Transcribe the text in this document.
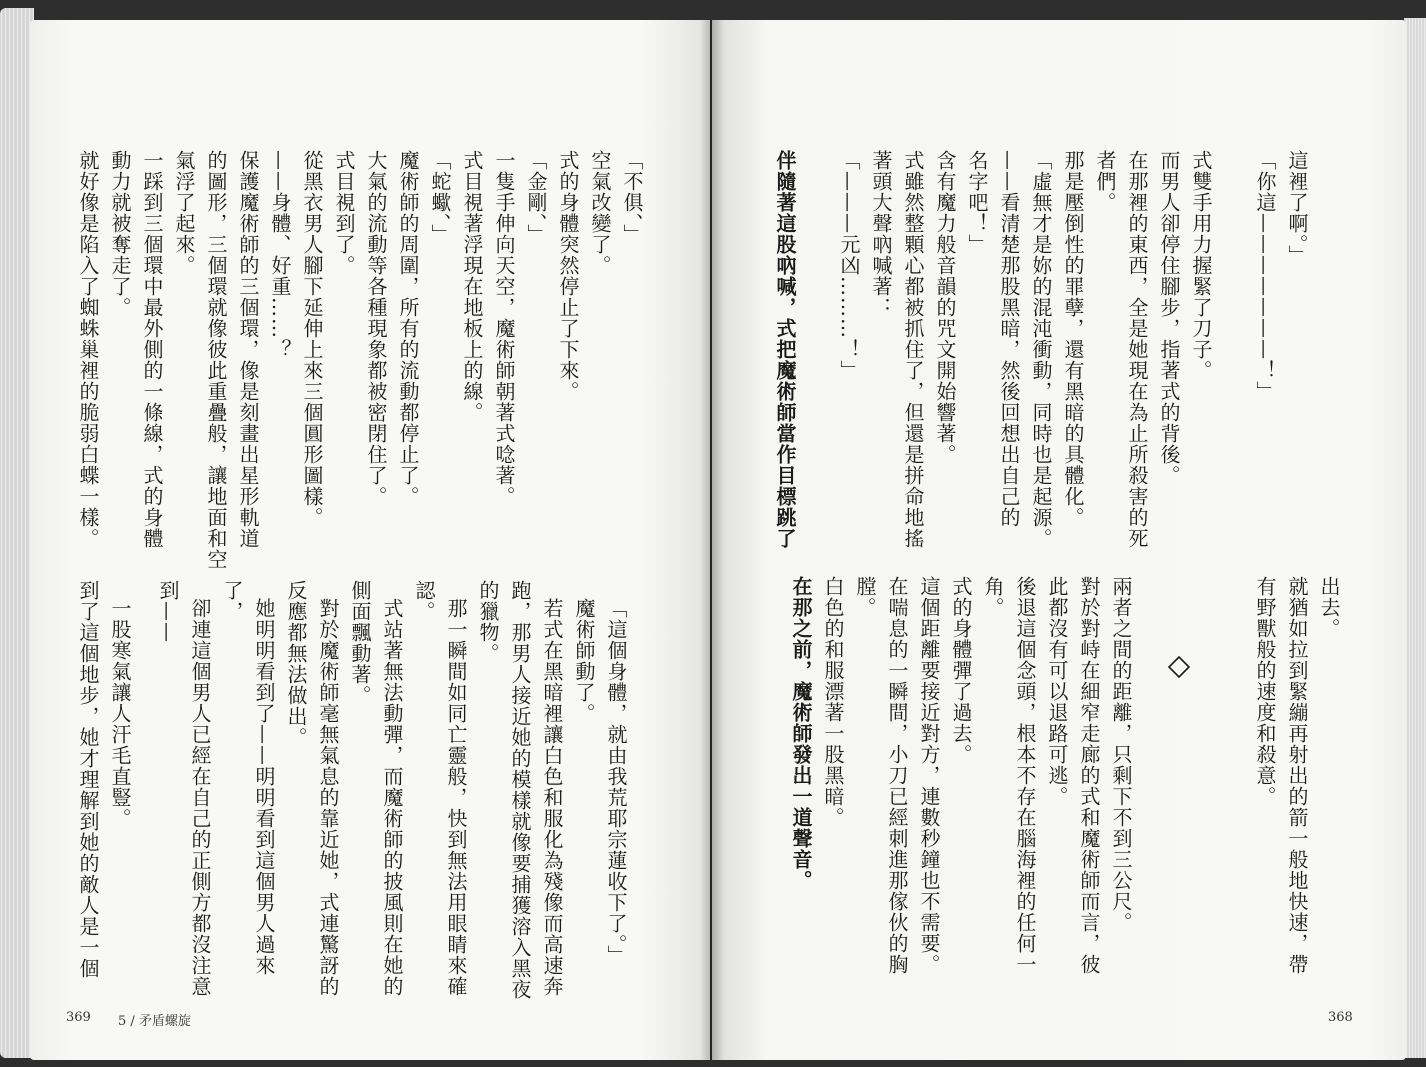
這裡了啊。」
「你這———————！」
式雙手用力握緊了刀子。
而男人卻停住腳步，指著式的背後。
在那裡的東西，全是她現在為止所殺害的死
者們。
那是壓倒性的罪孽，還有黑暗的具體化。
「虛無才是妳的混沌衝動，同時也是起源。
——看清楚那股黑暗，然後回想出自己的
名字吧！」
含有魔力般音韻的咒文開始響著。
式雖然整顆心都被抓住了，但還是拼命地搖
著頭大聲吶喊著：
「———元凶………！」
伴隨著這股吶喊，式把魔術師當作目標跳了
出去。
就猶如拉到緊繃再射出的箭一般地快速，帶
有野獸般的速度和殺意。
兩者之間的距離，只剩下不到三公尺。
對於對峙在細窄走廊的式和魔術師而言，彼
此都沒有可以退路可逃。
後退這個念頭，根本不存在腦海裡的任何一
角。
式的身體彈了過去。
這個距離要接近對方，連數秒鐘也不需要。
在喘息的一瞬間，小刀已經刺進那傢伙的胸
膛。
白色的和服漂著一股黑暗。
在那之前，魔術師發出一道聲音。
「不俱、」
空氣改變了。
式的身體突然停止了下來。
「金剛、」
一隻手伸向天空，魔術師朝著式唸著。
式目視著浮現在地板上的線。
「蛇蠍、」
魔術師的周圍，所有的流動都停止了。
大氣的流動等各種現象都被密閉住了。
式目視到了。
從黑衣男人腳下延伸上來三個圓形圖樣。
——身體、好重……？
保護魔術師的三個環，像是刻畫出星形軌道
的圖形，三個環就像彼此重疊般，讓地面和空
氣浮了起來。
一踩到三個環中最外側的一條線，式的身體
動力就被奪走了。
就好像是陷入了蜘蛛巢裡的脆弱白蝶一樣。
「這個身體，就由我荒耶宗蓮收下了。」
魔術師動了。
若式在黑暗裡讓白色和服化為殘像而高速奔
跑，那男人接近她的模樣就像要捕獲溶入黑夜
的獵物。
那一瞬間如同亡靈般，快到無法用眼睛來確
認。
式站著無法動彈，而魔術師的披風則在她的
側面飄動著。
對於魔術師毫無氣息的靠近她，式連驚訝的
反應都無法做出。
她明明看到了——明明看到這個男人過來
了，
卻連這個男人已經在自己的正側方都沒注意
到——
一股寒氣讓人汗毛直豎。
到了這個地步，她才理解到她的敵人是一個
369 5 / 矛盾螺旋	368
